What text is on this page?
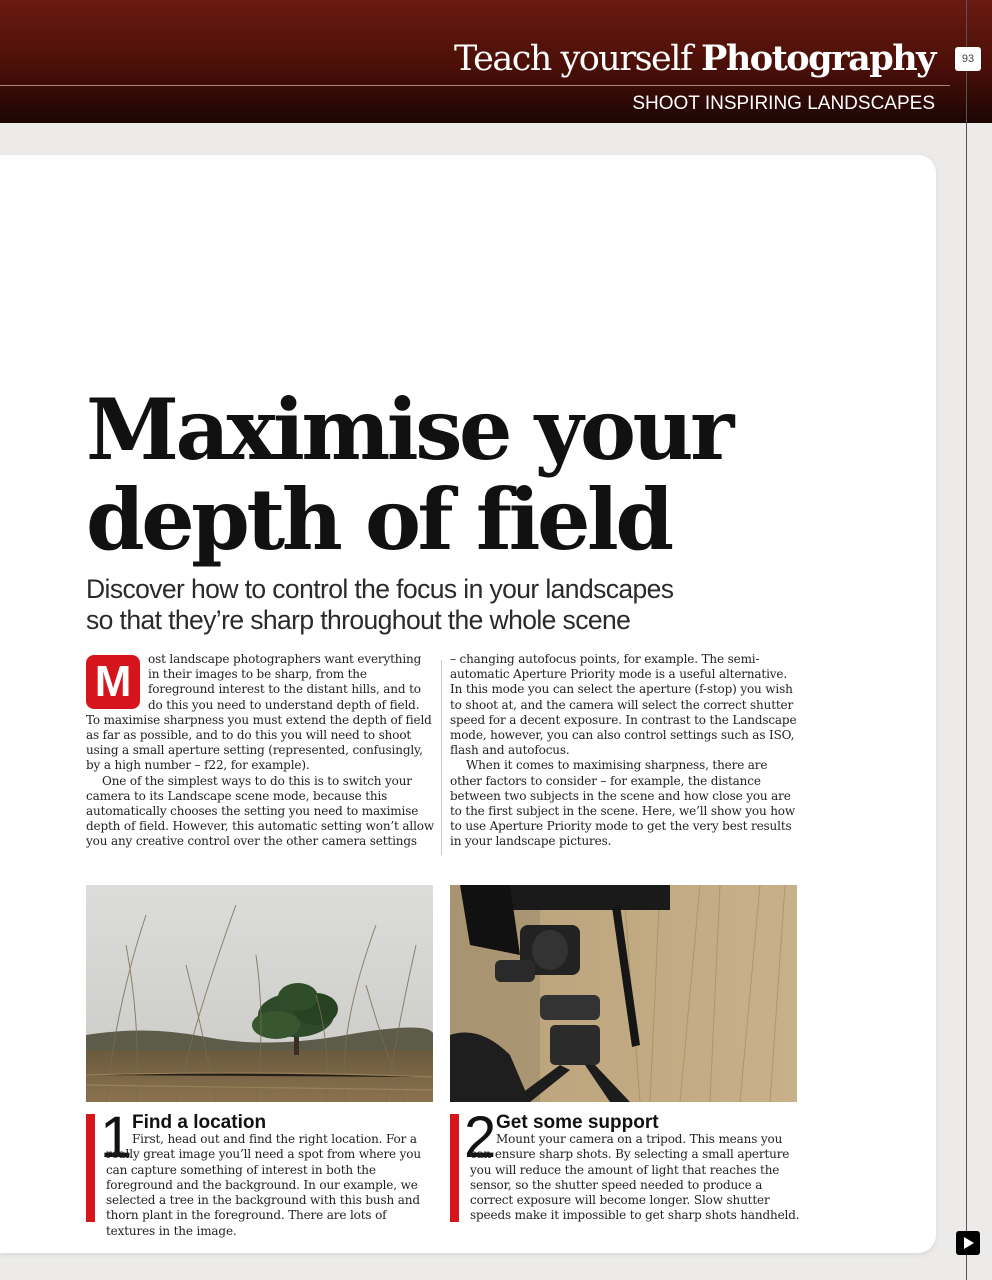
Teach yourself Photography	93
SHOOT INSPIRING LANDSCAPES
Maximise your
depth of field

Discover how to control the focus in your landscapes
so that they’re sharp throughout the whole scene

M	ost landscape photographers want everything in their images to be sharp, from the foreground interest to the distant hills, and to do this you need to understand depth of field. To maximise sharpness you must extend the depth of field as far as possible, and to do this you will need to shoot using a small aperture setting (represented, confusingly, by a high number – f22, for example).

One of the simplest ways to do this is to switch your camera to its Landscape scene mode, because this automatically chooses the setting you need to maximise depth of field. However, this automatic setting won’t allow you any creative control over the other camera settings

– changing autofocus points, for example. The semi-automatic Aperture Priority mode is a useful alternative. In this mode you can select the aperture (f-stop) you wish to shoot at, and the camera will select the correct shutter speed for a decent exposure. In contrast to the Landscape mode, however, you can also control settings such as ISO, flash and autofocus.

When it comes to maximising sharpness, there are other factors to consider – for example, the distance between two subjects in the scene and how close you are to the first subject in the scene. Here, we’ll show you how to use Aperture Priority mode to get the very best results in your landscape pictures.

1 Find a location
First, head out and find the right location. For a really great image you’ll need a spot from where you can capture something of interest in both the foreground and the background. In our example, we selected a tree in the background with this bush and thorn plant in the foreground. There are lots of textures in the image.
2 Get some support
Mount your camera on a tripod. This means you can ensure sharp shots. By selecting a small aperture you will reduce the amount of light that reaches the sensor, so the shutter speed needed to produce a correct exposure will become longer. Slow shutter speeds make it impossible to get sharp shots handheld.
